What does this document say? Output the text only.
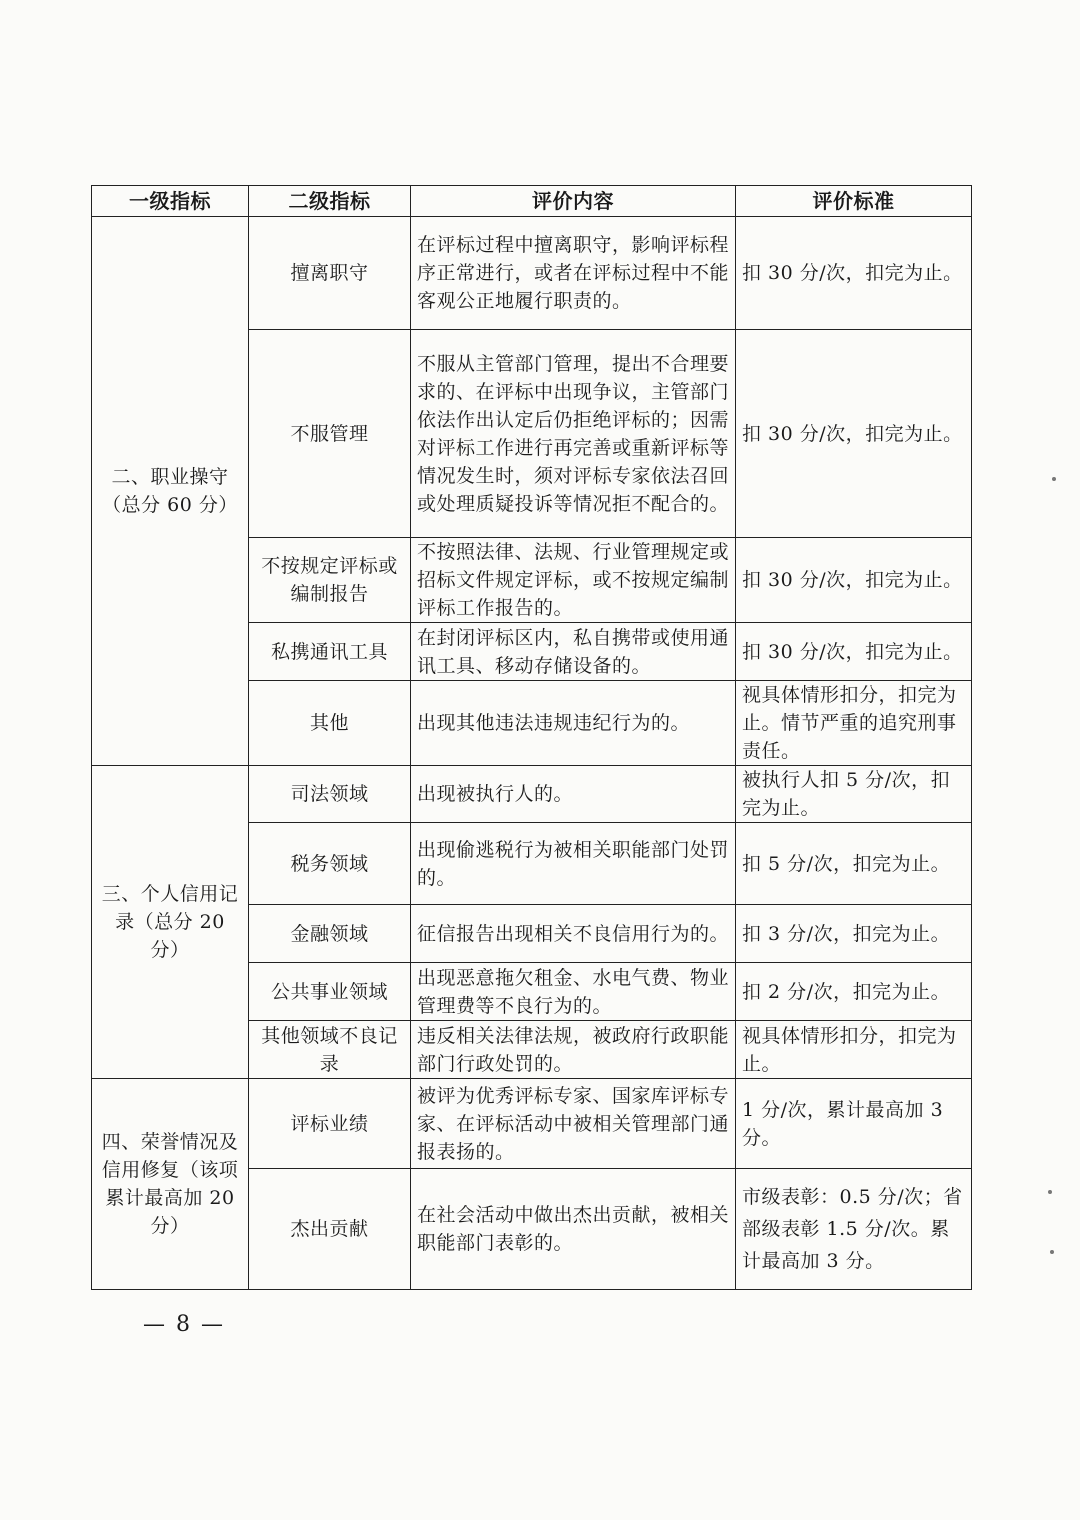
一级指标	二级指标	评价内容	评价标准
二、职业操守（总分 60 分）	擅离职守	在评标过程中擅离职守，影响评标程序正常进行，或者在评标过程中不能客观公正地履行职责的。	扣 30 分/次，扣完为止。
	不服管理	不服从主管部门管理，提出不合理要求的、在评标中出现争议，主管部门依法作出认定后仍拒绝评标的；因需对评标工作进行再完善或重新评标等情况发生时，须对评标专家依法召回或处理质疑投诉等情况拒不配合的。	扣 30 分/次，扣完为止。
	不按规定评标或编制报告	不按照法律、法规、行业管理规定或招标文件规定评标，或不按规定编制评标工作报告的。	扣 30 分/次，扣完为止。
	私携通讯工具	在封闭评标区内，私自携带或使用通讯工具、移动存储设备的。	扣 30 分/次，扣完为止。
	其他	出现其他违法违规违纪行为的。	视具体情形扣分，扣完为止。情节严重的追究刑事责任。
三、个人信用记录（总分 20 分）	司法领域	出现被执行人的。	被执行人扣 5 分/次，扣完为止。
	税务领域	出现偷逃税行为被相关职能部门处罚的。	扣 5 分/次，扣完为止。
	金融领域	征信报告出现相关不良信用行为的。	扣 3 分/次，扣完为止。
	公共事业领域	出现恶意拖欠租金、水电气费、物业管理费等不良行为的。	扣 2 分/次，扣完为止。
	其他领域不良记录	违反相关法律法规，被政府行政职能部门行政处罚的。	视具体情形扣分，扣完为止。
四、荣誉情况及信用修复（该项累计最高加 20 分）	评标业绩	被评为优秀评标专家、国家库评标专家、在评标活动中被相关管理部门通报表扬的。	1 分/次，累计最高加 3 分。
	杰出贡献	在社会活动中做出杰出贡献，被相关职能部门表彰的。	市级表彰：0.5 分/次；省部级表彰 1.5 分/次。累计最高加 3 分。
— 8 —
